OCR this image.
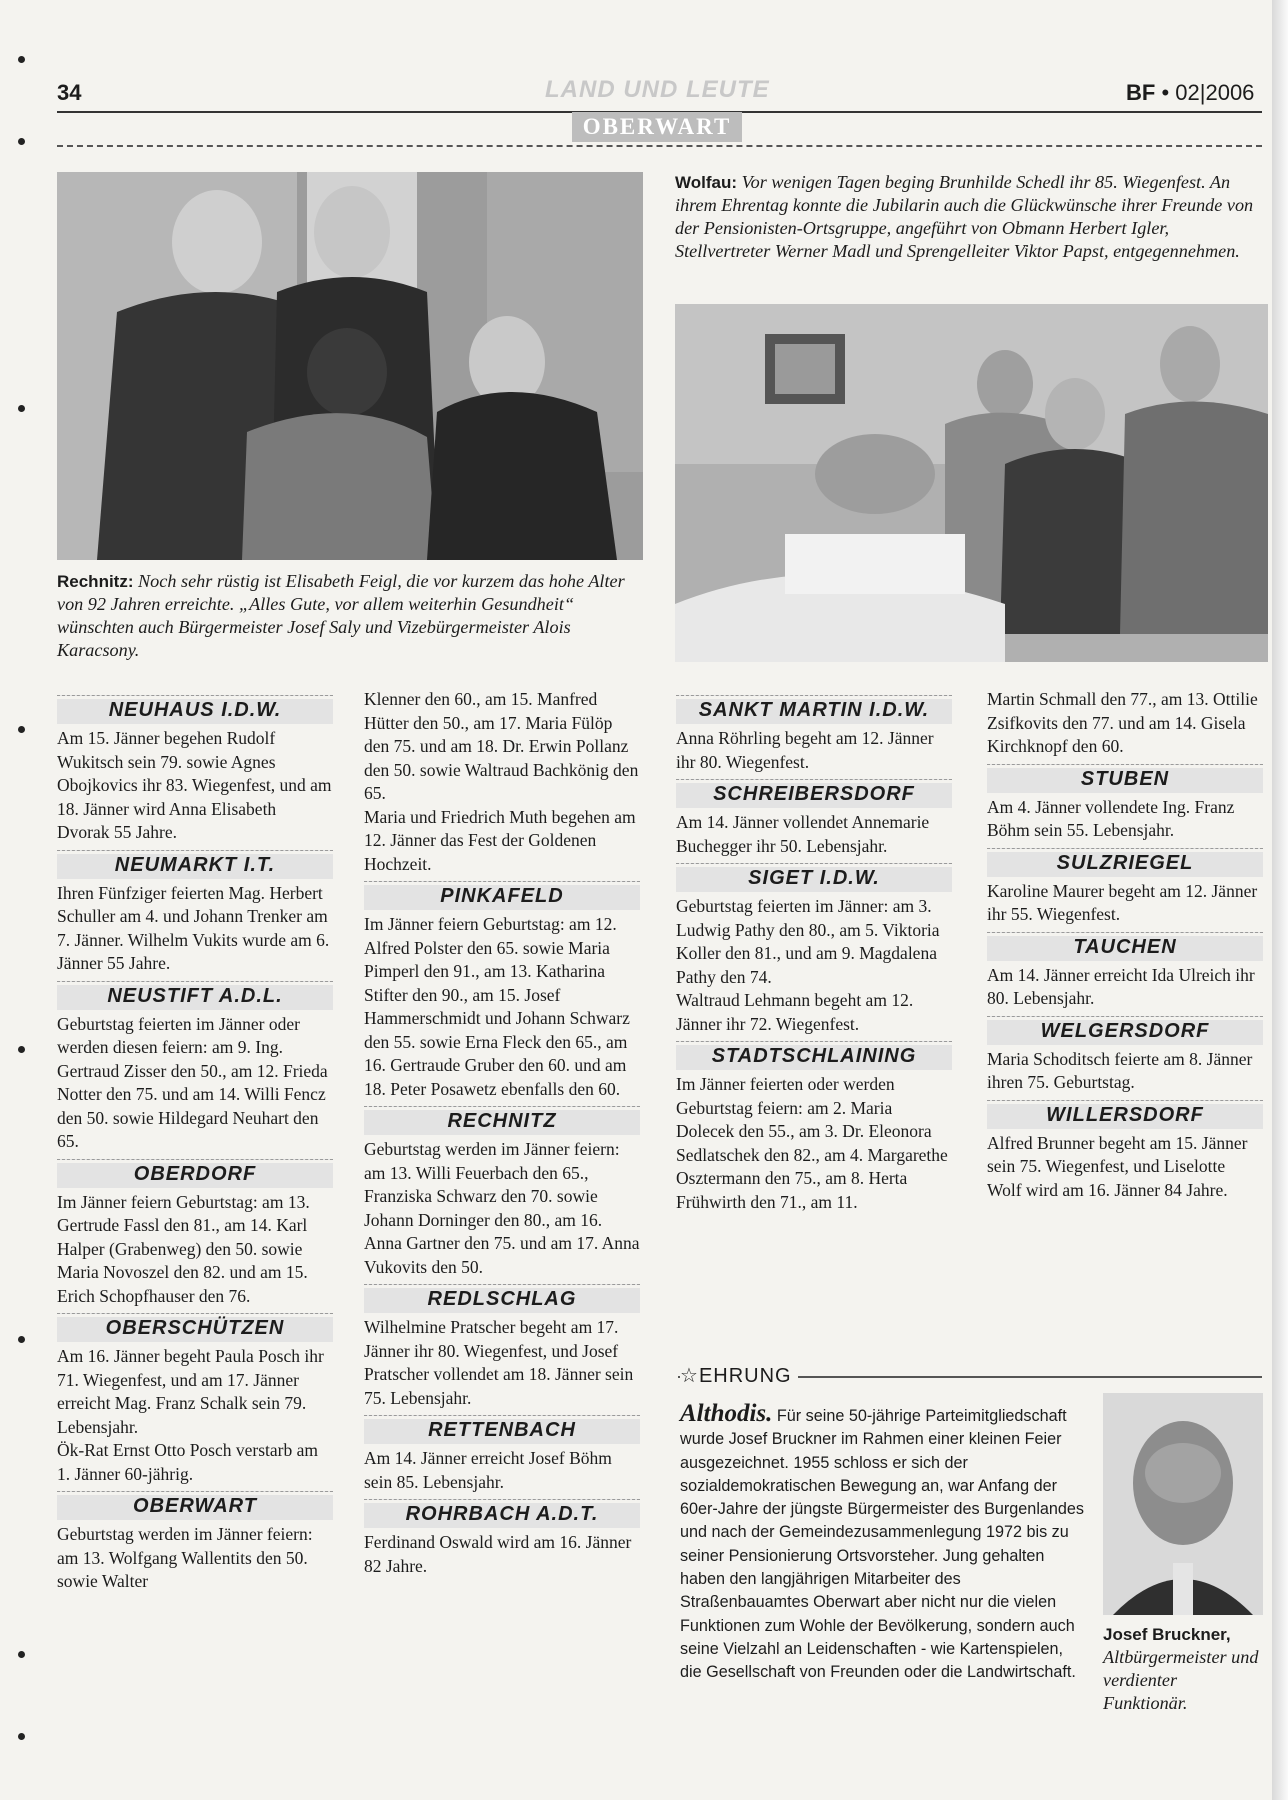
34	LAND UND LEUTE	BF • 02|2006
OBERWART
Rechnitz: Noch sehr rüstig ist Elisabeth Feigl, die vor kurzem das hohe Alter von 92 Jahren erreichte. „Alles Gute, vor allem weiterhin Gesundheit“ wünschten auch Bürgermeister Josef Saly und Vizebürgermeister Alois Karacsony.
Wolfau: Vor wenigen Tagen beging Brunhilde Schedl ihr 85. Wiegenfest. An ihrem Ehrentag konnte die Jubilarin auch die Glückwünsche ihrer Freunde von der Pensionisten-Ortsgruppe, angeführt von Obmann Herbert Igler, Stellvertreter Werner Madl und Sprengelleiter Viktor Papst, entgegennehmen.
NEUHAUS I.D.W.

Am 15. Jänner begehen Rudolf Wukitsch sein 79. sowie Agnes Obojkovics ihr 83. Wiegenfest, und am 18. Jänner wird Anna Elisabeth Dvorak 55 Jahre.

NEUMARKT I.T.

Ihren Fünfziger feierten Mag. Herbert Schuller am 4. und Johann Trenker am 7. Jänner. Wilhelm Vukits wurde am 6. Jänner 55 Jahre.

NEUSTIFT A.D.L.

Geburtstag feierten im Jänner oder werden diesen feiern: am 9. Ing. Gertraud Zisser den 50., am 12. Frieda Notter den 75. und am 14. Willi Fencz den 50. sowie Hildegard Neuhart den 65.

OBERDORF

Im Jänner feiern Geburtstag: am 13. Gertrude Fassl den 81., am 14. Karl Halper (Grabenweg) den 50. sowie Maria Novoszel den 82. und am 15. Erich Schopfhauser den 76.

OBERSCHÜTZEN

Am 16. Jänner begeht Paula Posch ihr 71. Wiegenfest, und am 17. Jänner erreicht Mag. Franz Schalk sein 79. Lebensjahr.

Ök-Rat Ernst Otto Posch verstarb am 1. Jänner 60-jährig.

OBERWART

Geburtstag werden im Jänner feiern: am 13. Wolfgang Wallentits den 50. sowie Walter

Klenner den 60., am 15. Manfred Hütter den 50., am 17. Maria Fülöp den 75. und am 18. Dr. Erwin Pollanz den 50. sowie Waltraud Bachkönig den 65.

Maria und Friedrich Muth begehen am 12. Jänner das Fest der Goldenen Hochzeit.

PINKAFELD

Im Jänner feiern Geburtstag: am 12. Alfred Polster den 65. sowie Maria Pimperl den 91., am 13. Katharina Stifter den 90., am 15. Josef Hammerschmidt und Johann Schwarz den 55. sowie Erna Fleck den 65., am 16. Gertraude Gruber den 60. und am 18. Peter Posawetz ebenfalls den 60.

RECHNITZ

Geburtstag werden im Jänner feiern: am 13. Willi Feuerbach den 65., Franziska Schwarz den 70. sowie Johann Dorninger den 80., am 16. Anna Gartner den 75. und am 17. Anna Vukovits den 50.

REDLSCHLAG

Wilhelmine Pratscher begeht am 17. Jänner ihr 80. Wiegenfest, und Josef Pratscher vollendet am 18. Jänner sein 75. Lebensjahr.

RETTENBACH

Am 14. Jänner erreicht Josef Böhm sein 85. Lebensjahr.

ROHRBACH A.D.T.

Ferdinand Oswald wird am 16. Jänner 82 Jahre.

SANKT MARTIN I.D.W.

Anna Röhrling begeht am 12. Jänner ihr 80. Wiegenfest.

SCHREIBERSDORF

Am 14. Jänner vollendet Annemarie Buchegger ihr 50. Lebensjahr.

SIGET I.D.W.

Geburtstag feierten im Jänner: am 3. Ludwig Pathy den 80., am 5. Viktoria Koller den 81., und am 9. Magdalena Pathy den 74.

Waltraud Lehmann begeht am 12. Jänner ihr 72. Wiegenfest.

STADTSCHLAINING

Im Jänner feierten oder werden Geburtstag feiern: am 2. Maria Dolecek den 55., am 3. Dr. Eleonora Sedlatschek den 82., am 4. Margarethe Osztermann den 75., am 8. Herta Frühwirth den 71., am 11.

Martin Schmall den 77., am 13. Ottilie Zsifkovits den 77. und am 14. Gisela Kirchknopf den 60.

STUBEN

Am 4. Jänner vollendete Ing. Franz Böhm sein 55. Lebensjahr.

SULZRIEGEL

Karoline Maurer begeht am 12. Jänner ihr 55. Wiegenfest.

TAUCHEN

Am 14. Jänner erreicht Ida Ulreich ihr 80. Lebensjahr.

WELGERSDORF

Maria Schoditsch feierte am 8. Jänner ihren 75. Geburtstag.

WILLERSDORF

Alfred Brunner begeht am 15. Jänner sein 75. Wiegenfest, und Liselotte Wolf wird am 16. Jänner 84 Jahre.

☆EHRUNG
Althodis. Für seine 50-jährige Parteimitgliedschaft wurde Josef Bruckner im Rahmen einer kleinen Feier ausgezeichnet. 1955 schloss er sich der sozialdemokratischen Bewegung an, war Anfang der 60er-Jahre der jüngste Bürgermeister des Burgenlandes und nach der Gemeindezusammenlegung 1972 bis zu seiner Pensionierung Ortsvorsteher. Jung gehalten haben den langjährigen Mitarbeiter des Straßenbauamtes Oberwart aber nicht nur die vielen Funktionen zum Wohle der Bevölkerung, sondern auch seine Vielzahl an Leidenschaften - wie Kartenspielen, die Gesellschaft von Freunden oder die Landwirtschaft.
Josef Bruckner,
Altbürgermeister und verdienter Funktionär.
